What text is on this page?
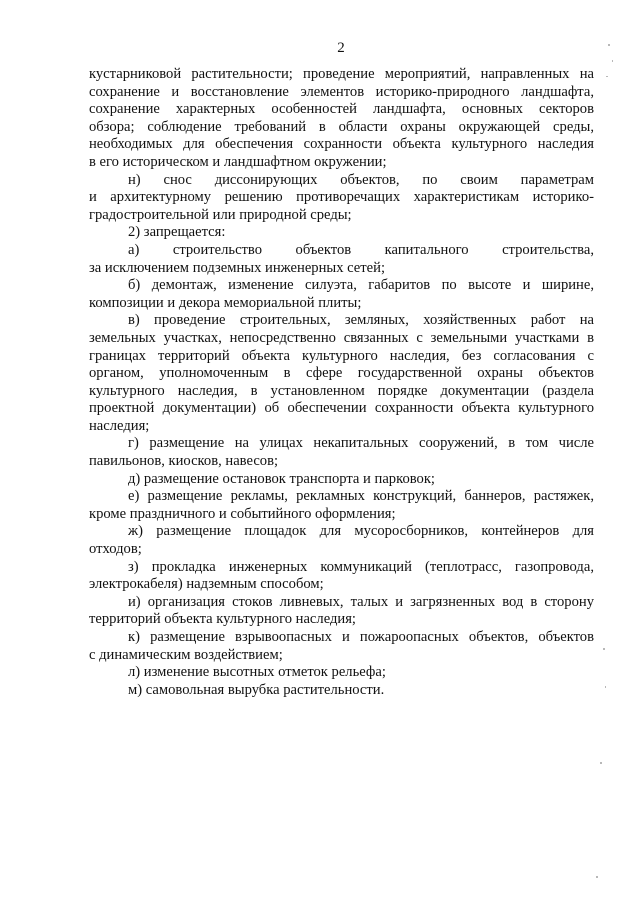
2
кустарниковой растительности; проведение мероприятий, направленных на
сохранение и восстановление элементов историко-природного ландшафта,
сохранение характерных особенностей ландшафта, основных секторов
обзора; соблюдение требований в области охраны окружающей среды,
необходимых для обеспечения сохранности объекта культурного наследия
в его историческом и ландшафтном окружении;
н) снос диссонирующих объектов, по своим параметрам
и архитектурному решению противоречащих характеристикам историко-
градостроительной или природной среды;
2) запрещается:
а) строительство объектов капитального строительства,
за исключением подземных инженерных сетей;
б) демонтаж, изменение силуэта, габаритов по высоте и ширине,
композиции и декора мемориальной плиты;
в) проведение строительных, земляных, хозяйственных работ на
земельных участках, непосредственно связанных с земельными участками в
границах территорий объекта культурного наследия, без согласования с
органом, уполномоченным в сфере государственной охраны объектов
культурного наследия, в установленном порядке документации (раздела
проектной документации) об обеспечении сохранности объекта культурного
наследия;
г) размещение на улицах некапитальных сооружений, в том числе
павильонов, киосков, навесов;
д) размещение остановок транспорта и парковок;
е) размещение рекламы, рекламных конструкций, баннеров, растяжек,
кроме праздничного и событийного оформления;
ж) размещение площадок для мусоросборников, контейнеров для
отходов;
з) прокладка инженерных коммуникаций (теплотрасс, газопровода,
электрокабеля) надземным способом;
и) организация стоков ливневых, талых и загрязненных вод в сторону
территорий объекта культурного наследия;
к) размещение взрывоопасных и пожароопасных объектов, объектов
с динамическим воздействием;
л) изменение высотных отметок рельефа;
м) самовольная вырубка растительности.
